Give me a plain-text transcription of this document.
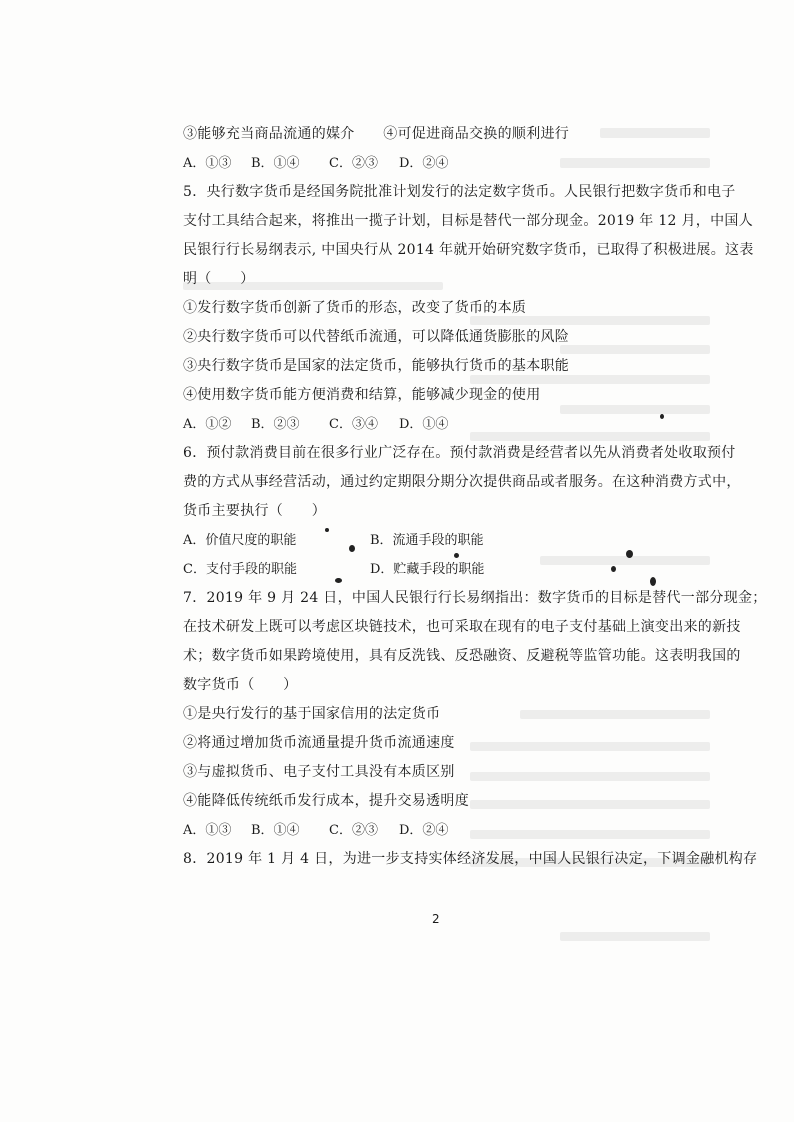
③能够充当商品流通的媒介　　④可促进商品交换的顺利进行
A．①③	B．①④	C．②③	D．②④
5．央行数字货币是经国务院批准计划发行的法定数字货币。人民银行把数字货币和电子
支付工具结合起来，将推出一揽子计划，目标是替代一部分现金。2019 年 12 月，中国人
民银行行长易纲表示, 中国央行从 2014 年就开始研究数字货币，已取得了积极进展。这表
明（　　）
①发行数字货币创新了货币的形态，改变了货币的本质
②央行数字货币可以代替纸币流通，可以降低通货膨胀的风险
③央行数字货币是国家的法定货币，能够执行货币的基本职能
④使用数字货币能方便消费和结算，能够减少现金的使用
A．①②	B．②③	C．③④	D．①④
6．预付款消费目前在很多行业广泛存在。预付款消费是经营者以先从消费者处收取预付
费的方式从事经营活动，通过约定期限分期分次提供商品或者服务。在这种消费方式中，
货币主要执行（　　）
A．价值尺度的职能	B．流通手段的职能
C．支付手段的职能	D．贮藏手段的职能
7．2019 年 9 月 24 日，中国人民银行行长易纲指出：数字货币的目标是替代一部分现金；
在技术研发上既可以考虑区块链技术，也可采取在现有的电子支付基础上演变出来的新技
术；数字货币如果跨境使用，具有反洗钱、反恐融资、反避税等监管功能。这表明我国的
数字货币（　　）
①是央行发行的基于国家信用的法定货币
②将通过增加货币流通量提升货币流通速度
③与虚拟货币、电子支付工具没有本质区别
④能降低传统纸币发行成本，提升交易透明度
A．①③	B．①④	C．②③	D．②④
8．2019 年 1 月 4 日，为进一步支持实体经济发展，中国人民银行决定，下调金融机构存
2
